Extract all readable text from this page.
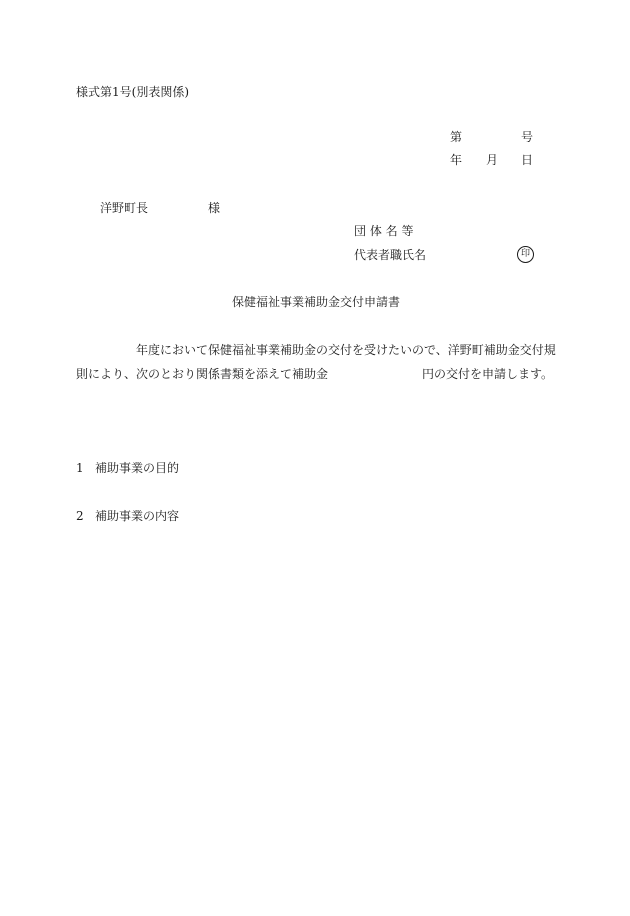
様式第1号(別表関係)
第	号
年 月 日
洋野町長	様
団 体 名 等
代表者職氏名	印
保健福祉事業補助金交付申請書
年度において保健福祉事業補助金の交付を受けたいので、洋野町補助金交付規
則により、次のとおり関係書類を添えて補助金	円の交付を申請します。
1 補助事業の目的
2 補助事業の内容
